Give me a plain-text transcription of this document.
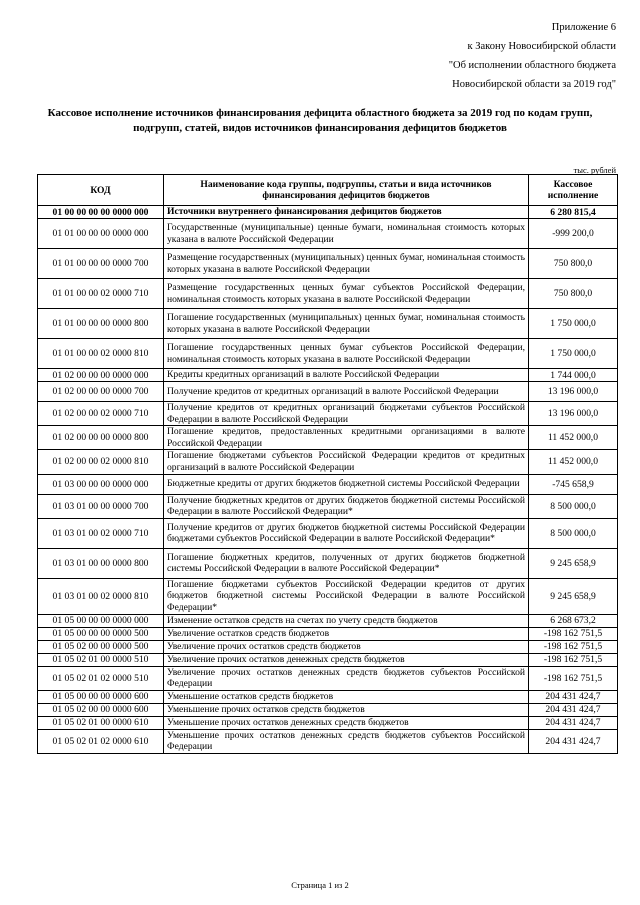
Приложение 6
к Закону Новосибирской области
"Об исполнении областного бюджета
Новосибирской области за 2019 год"
Кассовое исполнение источников финансирования дефицита областного бюджета за 2019 год по кодам групп, подгрупп, статей, видов источников финансирования дефицитов бюджетов
тыс. рублей
КОД	Наименование кода группы, подгруппы, статьи и вида источников финансирования дефицитов бюджетов	Кассовое исполнение
01 00 00 00 00 0000 000	Источники внутреннего финансирования дефицитов бюджетов	6 280 815,4
01 01 00 00 00 0000 000	Государственные (муниципальные) ценные бумаги, номинальная стоимость которых указана в валюте Российской Федерации	-999 200,0
01 01 00 00 00 0000 700	Размещение государственных (муниципальных) ценных бумаг, номинальная стоимость которых указана в валюте Российской Федерации	750 800,0
01 01 00 00 02 0000 710	Размещение государственных ценных бумаг субъектов Российской Федерации, номинальная стоимость которых указана в валюте Российской Федерации	750 800,0
01 01 00 00 00 0000 800	Погашение государственных (муниципальных) ценных бумаг, номинальная стоимость которых указана в валюте Российской Федерации	1 750 000,0
01 01 00 00 02 0000 810	Погашение государственных ценных бумаг субъектов Российской Федерации, номинальная стоимость которых указана в валюте Российской Федерации	1 750 000,0
01 02 00 00 00 0000 000	Кредиты кредитных организаций в валюте Российской Федерации	1 744 000,0
01 02 00 00 00 0000 700	Получение кредитов от кредитных организаций в валюте Российской Федерации	13 196 000,0
01 02 00 00 02 0000 710	Получение кредитов от кредитных организаций бюджетами субъектов Российской Федерации в валюте Российской Федерации	13 196 000,0
01 02 00 00 00 0000 800	Погашение кредитов, предоставленных кредитными организациями в валюте Российской Федерации	11 452 000,0
01 02 00 00 02 0000 810	Погашение бюджетами субъектов Российской Федерации кредитов от кредитных организаций в валюте Российской Федерации	11 452 000,0
01 03 00 00 00 0000 000	Бюджетные кредиты от других бюджетов бюджетной системы Российской Федерации	-745 658,9
01 03 01 00 00 0000 700	Получение бюджетных кредитов от других бюджетов бюджетной системы Российской Федерации в валюте Российской Федерации*	8 500 000,0
01 03 01 00 02 0000 710	Получение кредитов от других бюджетов бюджетной системы Российской Федерации бюджетами субъектов Российской Федерации в валюте Российской Федерации*	8 500 000,0
01 03 01 00 00 0000 800	Погашение бюджетных кредитов, полученных от других бюджетов бюджетной системы Российской Федерации в валюте Российской Федерации*	9 245 658,9
01 03 01 00 02 0000 810	Погашение бюджетами субъектов Российской Федерации кредитов от других бюджетов бюджетной системы Российской Федерации в валюте Российской Федерации*	9 245 658,9
01 05 00 00 00 0000 000	Изменение остатков средств на счетах по учету средств бюджетов	6 268 673,2
01 05 00 00 00 0000 500	Увеличение остатков средств бюджетов	-198 162 751,5
01 05 02 00 00 0000 500	Увеличение прочих остатков средств бюджетов	-198 162 751,5
01 05 02 01 00 0000 510	Увеличение прочих остатков денежных средств бюджетов	-198 162 751,5
01 05 02 01 02 0000 510	Увеличение прочих остатков денежных средств бюджетов субъектов Российской Федерации	-198 162 751,5
01 05 00 00 00 0000 600	Уменьшение остатков средств бюджетов	204 431 424,7
01 05 02 00 00 0000 600	Уменьшение прочих остатков средств бюджетов	204 431 424,7
01 05 02 01 00 0000 610	Уменьшение прочих остатков денежных средств бюджетов	204 431 424,7
01 05 02 01 02 0000 610	Уменьшение прочих остатков денежных средств бюджетов субъектов Российской Федерации	204 431 424,7
Страница 1 из 2
